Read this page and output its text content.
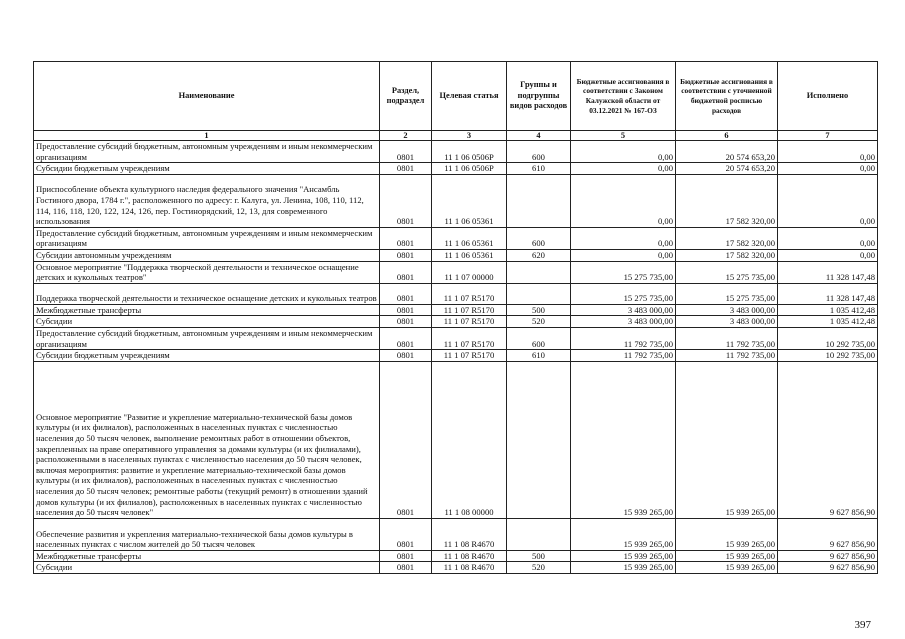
Наименование	Раздел, подраздел	Целевая статья	Группы и подгруппы видов расходов	Бюджетные ассигнования в соответствии с Законом Калужской области от 03.12.2021 № 167-ОЗ	Бюджетные ассигнования в соответствии с уточненной бюджетной росписью расходов	Исполнено
1	2	3	4	5	6	7
Предоставление субсидий бюджетным, автономным учреждениям и иным некоммерческим организациям	0801	11 1 06 0506Р	600	0,00	20 574 653,20	0,00
Субсидии бюджетным учреждениям	0801	11 1 06 0506Р	610	0,00	20 574 653,20	0,00
Приспособление объекта культурного наследия федерального значения "Ансамбль Гостиного двора, 1784 г.", расположенного по адресу: г. Калуга, ул. Ленина, 108, 110, 112, 114, 116, 118, 120, 122, 124, 126, пер. Гостинорядский, 12, 13, для современного использования	0801	11 1 06 05361		0,00	17 582 320,00	0,00
Предоставление субсидий бюджетным, автономным учреждениям и иным некоммерческим организациям	0801	11 1 06 05361	600	0,00	17 582 320,00	0,00
Субсидии автономным учреждениям	0801	11 1 06 05361	620	0,00	17 582 320,00	0,00
Основное мероприятие "Поддержка творческой деятельности и техническое оснащение детских и кукольных театров"	0801	11 1 07 00000		15 275 735,00	15 275 735,00	11 328 147,48
Поддержка творческой деятельности и техническое оснащение детских и кукольных театров	0801	11 1 07 R5170		15 275 735,00	15 275 735,00	11 328 147,48
Межбюджетные трансферты	0801	11 1 07 R5170	500	3 483 000,00	3 483 000,00	1 035 412,48
Субсидии	0801	11 1 07 R5170	520	3 483 000,00	3 483 000,00	1 035 412,48
Предоставление субсидий бюджетным, автономным учреждениям и иным некоммерческим организациям	0801	11 1 07 R5170	600	11 792 735,00	11 792 735,00	10 292 735,00
Субсидии бюджетным учреждениям	0801	11 1 07 R5170	610	11 792 735,00	11 792 735,00	10 292 735,00
Основное мероприятие "Развитие и укрепление материально-технической базы домов культуры (и их филиалов), расположенных в населенных пунктах с численностью населения до 50 тысяч человек, выполнение ремонтных работ в отношении объектов, закрепленных на праве оперативного управления за домами культуры (и их филиалами), расположенными в населенных пунктах с численностью населения до 50 тысяч человек, включая мероприятия: развитие и укрепление материально-технической базы домов культуры (и их филиалов), расположенных в населенных пунктах с численностью населения до 50 тысяч человек; ремонтные работы (текущий ремонт) в отношении зданий домов культуры (и их филиалов), расположенных в населенных пунктах с численностью населения до 50 тысяч человек"	0801	11 1 08 00000		15 939 265,00	15 939 265,00	9 627 856,90
Обеспечение развития и укрепления материально-технической базы домов культуры в населенных пунктах с числом жителей до 50 тысяч человек	0801	11 1 08 R4670		15 939 265,00	15 939 265,00	9 627 856,90
Межбюджетные трансферты	0801	11 1 08 R4670	500	15 939 265,00	15 939 265,00	9 627 856,90
Субсидии	0801	11 1 08 R4670	520	15 939 265,00	15 939 265,00	9 627 856,90
397
